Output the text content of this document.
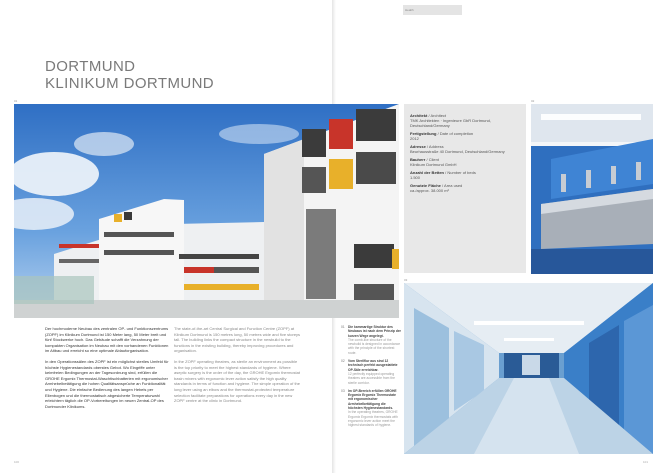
Health
DORTMUND
KLINIKUM DORTMUND
01
Architekt / Architect
TMK Architekten · Ingenieure GbR Dortmund, Deutschland/Germany
Fertigstellung / Date of completion
2012
Adresse / Address
Beurhausstraße 40 Dortmund, Deutschland/Germany
Bauherr / Client
Klinikum Dortmund GmbH
Anzahl der Betten / Number of beds
1.500
Genutzte Fläche / Area used
ca./approx. 38.000 m²
02
03

Der hochmoderne Neubau des zentralen OP- und Funktionszentrums (ZOPF) im Klinikum Dortmund ist 150 Meter lang, 50 Meter breit und fünf Stockwerke hoch. Das Gebäude schafft die Verzahnung der kompakten Organisation im Neubau mit den vorhandenen Funktionen im Altbau und erreicht so eine optimale Ablauforganisation.

In den Operationssälen des ZOPF ist ein möglichst steriles Umfeld für höchste Hygienestandards oberstes Gebot. Wo Eingriffe unter keimfreien Bedingungen an der Tagesordnung sind, erfüllen die GROHE Ergomix Thermostat-Waschtischbatterien mit ergonomischer Armhebelbetätigung die hohen Qualitätsansprüche an Funktionalität und Hygiene. Die einfache Bedienung des langen Hebels per Ellenbogen und die thermostatisch abgesicherte Temperaturwahl erleichtern täglich die OP-Vorbereitungen im neuen Zentral-OP des Dortmunder Klinikums.

The state-of-the-art Central Surgical and Function Centre (ZOPF) at Klinikum Dortmund is 150 metres long, 50 metres wide and five storeys tall. The building links the compact structure in the newbuild to the functions in the existing building, thereby improving procedures and organisation.

In the ZOPF operating theatres, as sterile an environment as possible is the top priority to meet the highest standards of hygiene. Where aseptic surgery is the order of the day, the GROHE Ergomix thermostat basin mixers with ergonomic lever action satisfy the high quality standards in terms of function and hygiene. The simple operation of the long lever using an elbow and the thermostat-protected temperature selection facilitate preparations for operations every day in the new ZOPF centre at the clinic in Dortmund.

01	Die kammartige Struktur des Neubaus ist nach dem Prinzip der kurzen Wege angelegt.
The comb-like structure of the newbuild is designed in accordance with the principle of the shortest route.
02	Vom Sterilflur aus sind 12 technisch perfekt ausgestattete OP-Säle erreichbar.
12 perfectly equipped operating theatres are accessible from the sterile corridor.
03	Im OP-Bereich erfüllen GROHE Ergomix Ergomix Thermostate mit ergonomischer Armhebelbetätigung die höchsten Hygienestandards.
In the operating theatres, GROHE Ergomix Ergomix thermostats with ergonomic lever action meet the highest standards of hygiene.
100	101
